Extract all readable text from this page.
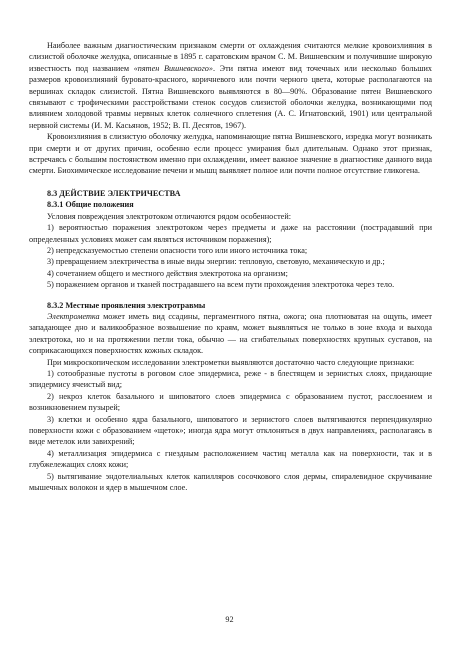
Наиболее важным диагностическим признаком смерти от охлаждения считаются мелкие кровоизлияния в слизистой оболочке желудка, описанные в 1895 г. саратовским врачом С. М. Вишневским и получившие широкую известность под названием «пятен Вишневского». Эти пятна имеют вид точечных или несколько больших размеров кровоизлияний буровато-красного, коричневого или почти черного цвета, которые располагаются на вершинах складок слизистой. Пятна Вишневского выявляются в 80—90%. Образование пятен Вишневского связывают с трофическими расстройствами стенок сосудов слизистой оболочки желудка, возникающими под влиянием холодовой травмы нервных клеток солнечного сплетения (А. С. Игнатовский, 1901) или центральной нервной системы (И. М. Касьянов, 1952; В. П. Десятов, 1967).

Кровоизлияния в слизистую оболочку желудка, напоминающие пятна Вишневского, изредка могут возникать при смерти и от других причин, особенно если процесс умирания был длительным. Однако этот признак, встречаясь с большим постоянством именно при охлаждении, имеет важное значение в диагностике данного вида смерти. Биохимическое исследование печени и мышц выявляет полное или почти полное отсутствие гликогена.

8.3 ДЕЙСТВИЕ ЭЛЕКТРИЧЕСТВА

8.3.1 Общие положения

Условия повреждения электротоком отличаются рядом особенностей:

1) вероятностью поражения электротоком через предметы и даже на расстоянии (пострадавший при определенных условиях может сам являться источником поражения);

2) непредсказуемостью степени опасности того или иного источника тока;

3) превращением электричества в иные виды энергии: тепловую, световую, механическую и др.;

4) сочетанием общего и местного действия электротока на организм;

5) поражением органов и тканей пострадавшего на всем пути прохождения электротока через тело.

8.3.2 Местные проявления электротравмы

Электрометка может иметь вид ссадины, пергаментного пятна, ожога; она плотноватая на ощупь, имеет западающее дно и валикообразное возвышение по краям, может выявляться не только в зоне входа и выхода электротока, но и на протяжении петли тока, обычно — на сгибательных поверхностях крупных суставов, на соприкасающихся поверхностях кожных складок.

При микроскопическом исследовании электрометки выявляются достаточно часто следующие признаки:

1) сотообразные пустоты в роговом слое эпидермиса, реже - в блестящем и зернистых слоях, придающие эпидермису ячеистый вид;

2) некроз клеток базального и шиповатого слоев эпидермиса с образованием пустот, расслоением и возникновением пузырей;

3) клетки и особенно ядра базального, шиповатого и зернистого слоев вытягиваются перпендикулярно поверхности кожи с образованием «щеток»; иногда ядра могут отклоняться в двух направлениях, располагаясь в виде метелок или завихрений;

4) металлизация эпидермиса с гнездным расположением частиц металла как на поверхности, так и в глубжележащих слоях кожи;

5) вытягивание эндотелиальных клеток капилляров сосочкового слоя дермы, спиралевидное скручивание мышечных волокон и ядер в мышечном слое.

92
